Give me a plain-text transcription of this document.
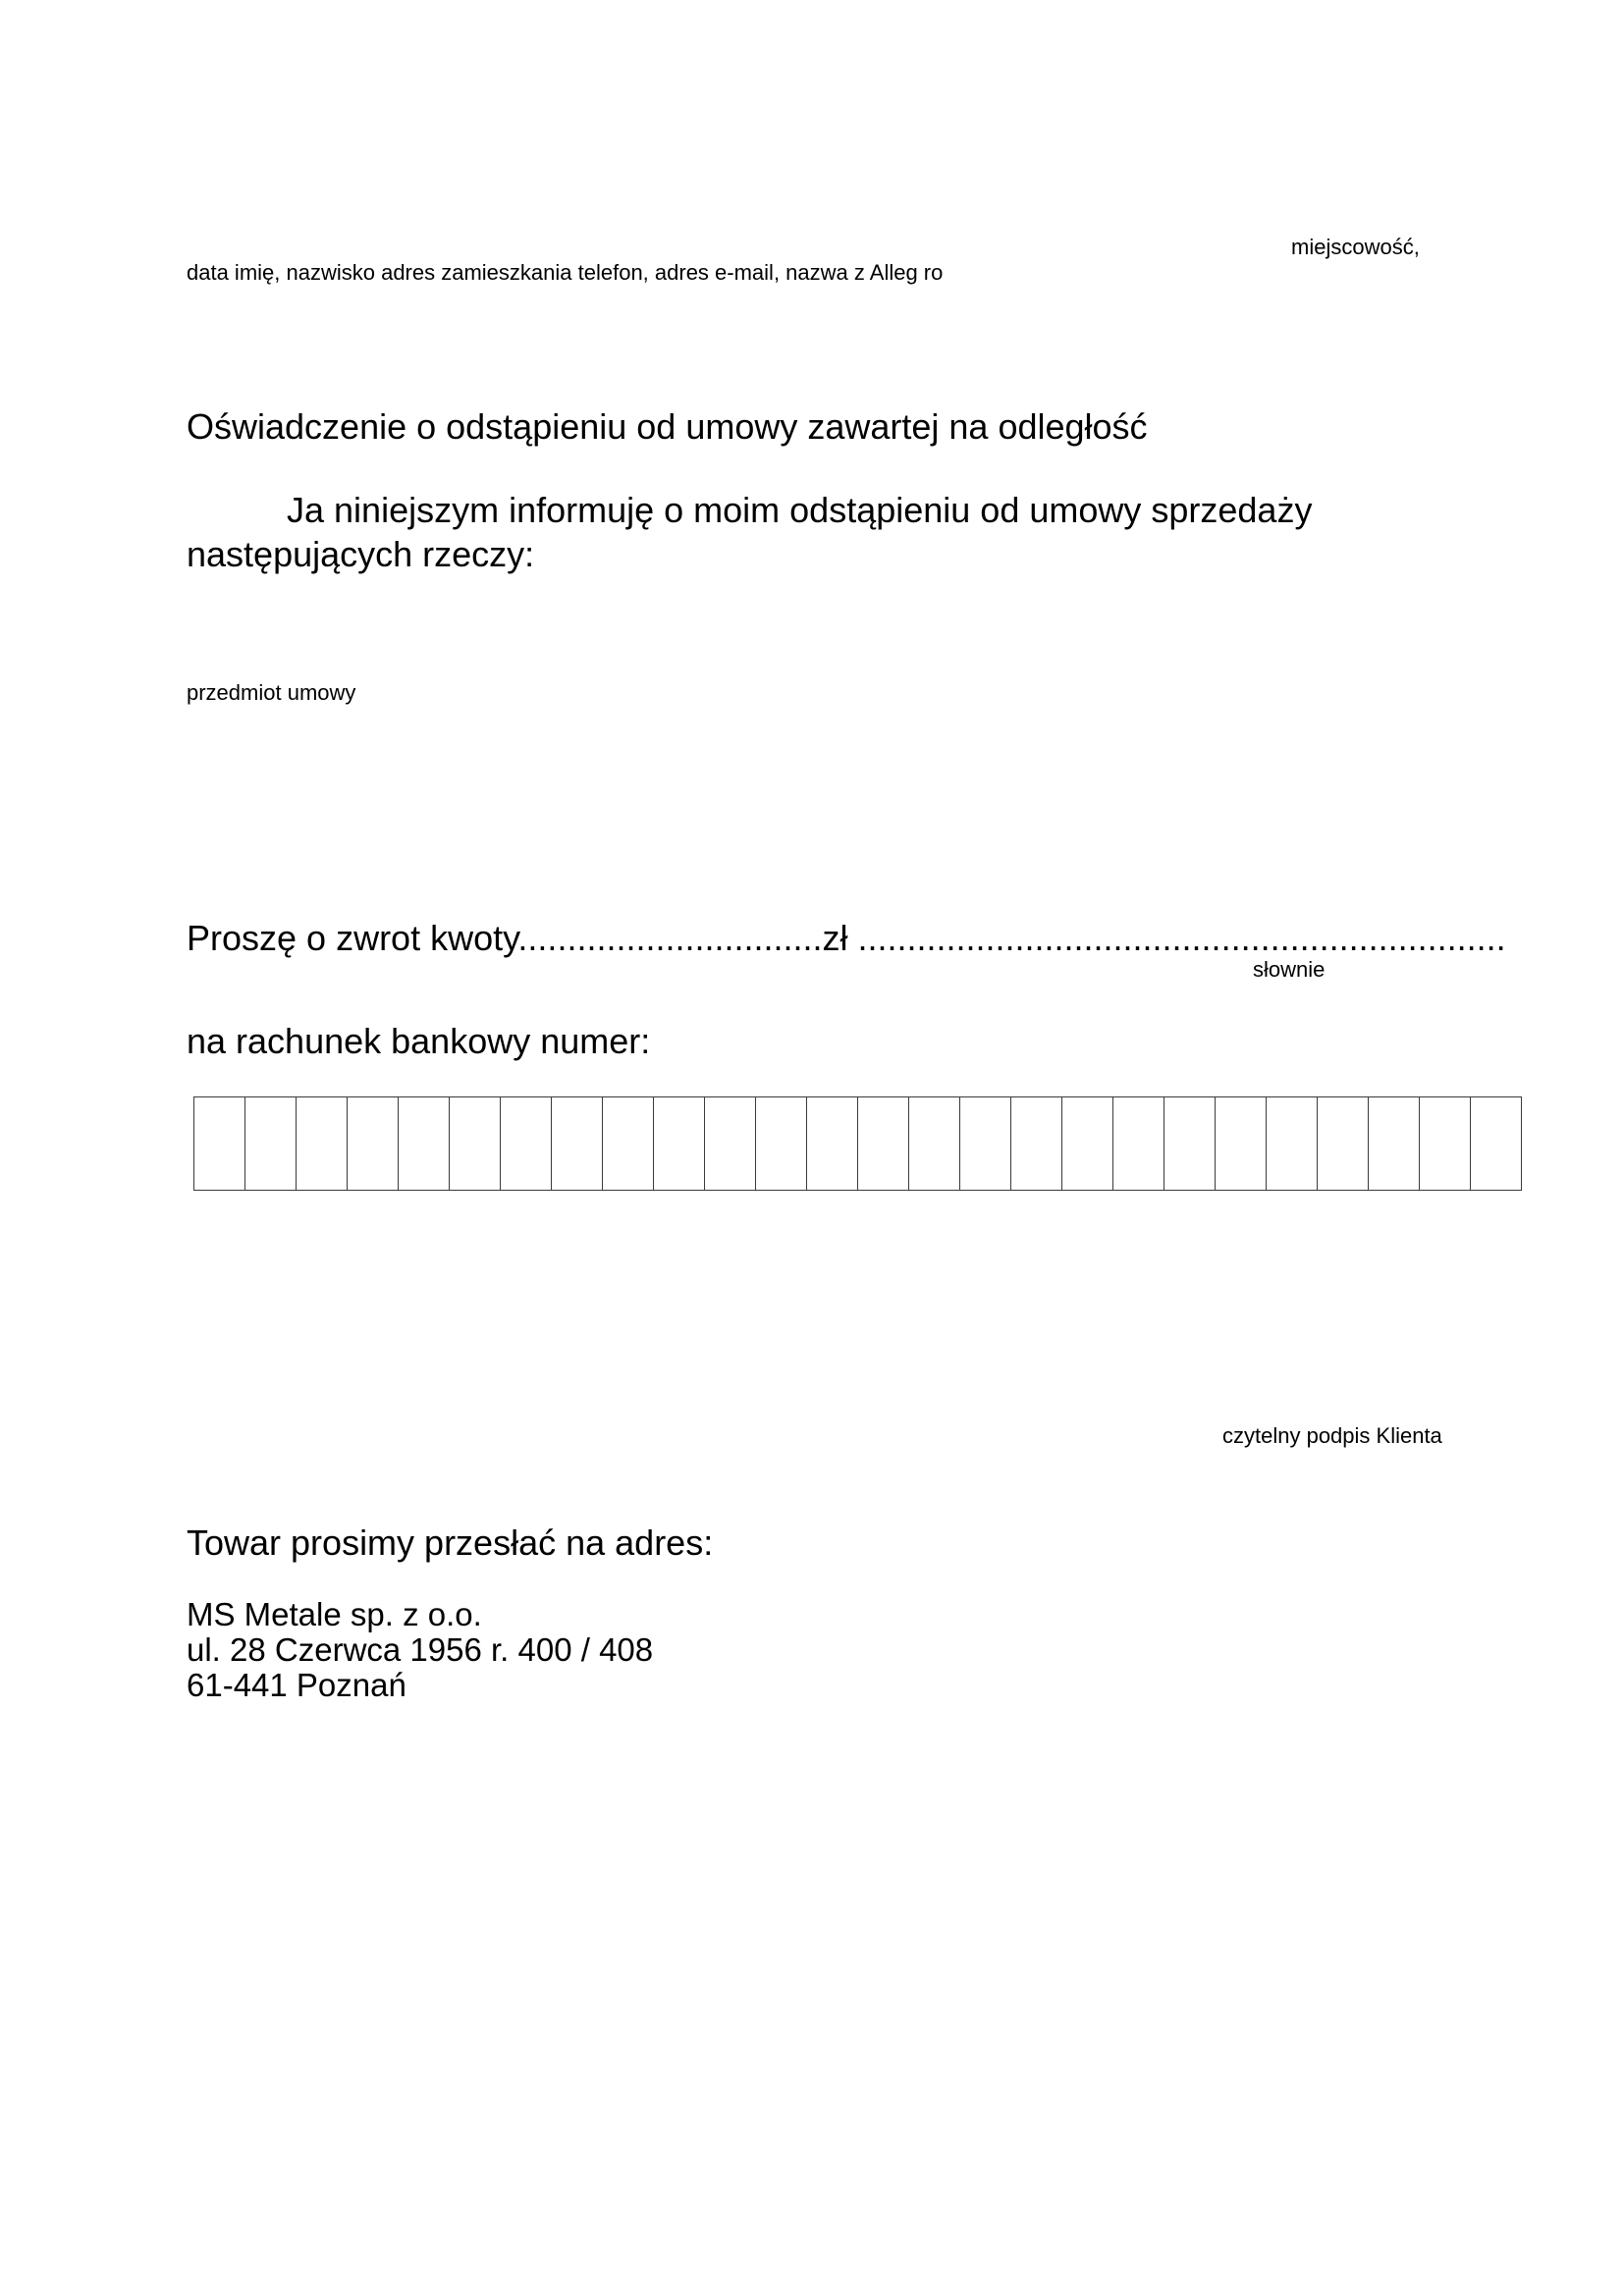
miejscowość,
data imię, nazwisko adres zamieszkania telefon, adres e-mail, nazwa z Alleg ro
Oświadczenie o odstąpieniu od umowy zawartej na odległość
Ja niniejszym informuję o moim odstąpieniu od umowy sprzedaży
następujących rzeczy:
przedmiot umowy
Proszę o zwrot kwoty...............................zł ..................................................................
słownie
na rachunek bankowy numer:
czytelny podpis Klienta
Towar prosimy przesłać na adres:
MS Metale sp. z o.o.
ul. 28 Czerwca 1956 r. 400 / 408
61-441 Poznań
